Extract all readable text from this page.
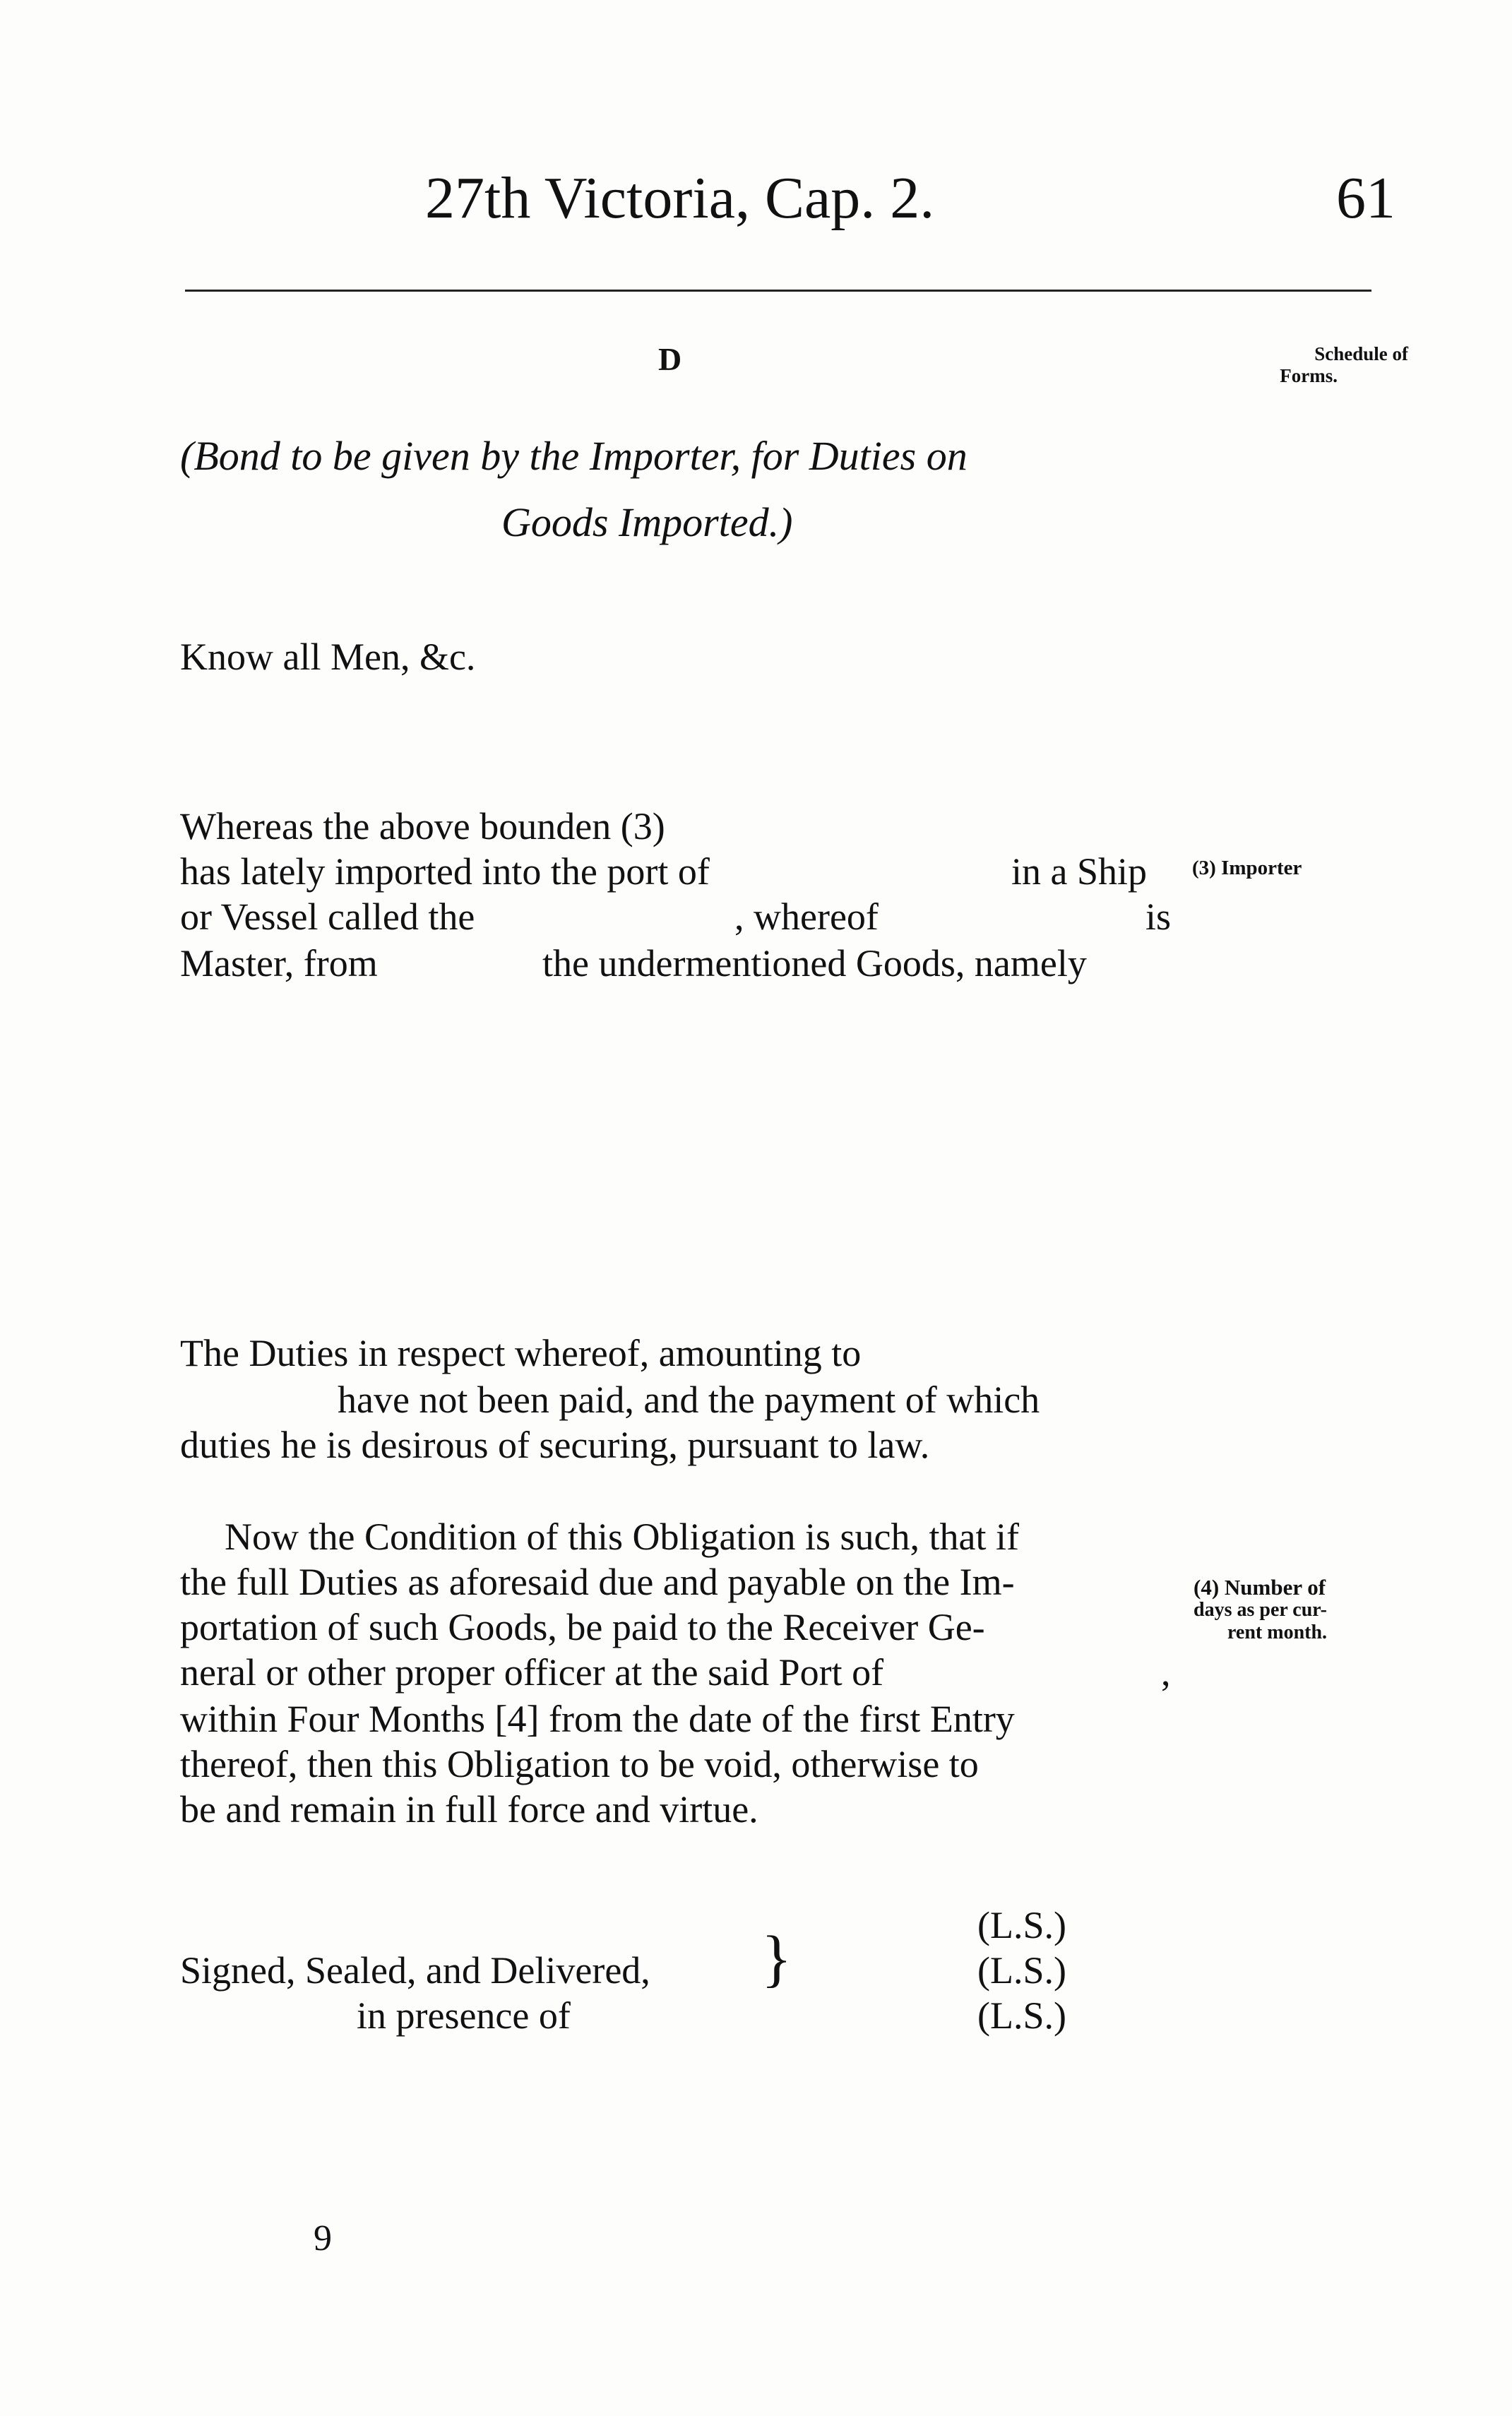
27th Victoria, Cap. 2.	61
D	Schedule of
Forms.
(Bond to be given by the Importer, for Duties on
Goods Imported.)
Know all Men, &c.
Whereas the above bounden (3)
has lately imported into the port of	in a Ship
or Vessel called the	, whereof	is
Master, from	the undermentioned Goods, namely
(3) Importer
The Duties in respect whereof, amounting to
have not been paid, and the payment of which
duties he is desirous of securing, pursuant to law.
Now the Condition of this Obligation is such, that if
the full Duties as aforesaid due and payable on the Im-
portation of such Goods, be paid to the Receiver Ge-
neral or other proper officer at the said Port of	,
within Four Months [4] from the date of the first Entry
thereof, then this Obligation to be void, otherwise to
be and remain in full force and virtue.
(4) Number of
days as per cur-
rent month.
Signed, Sealed, and Delivered,
in presence of
}	(L.S.)
(L.S.)
(L.S.)
9
